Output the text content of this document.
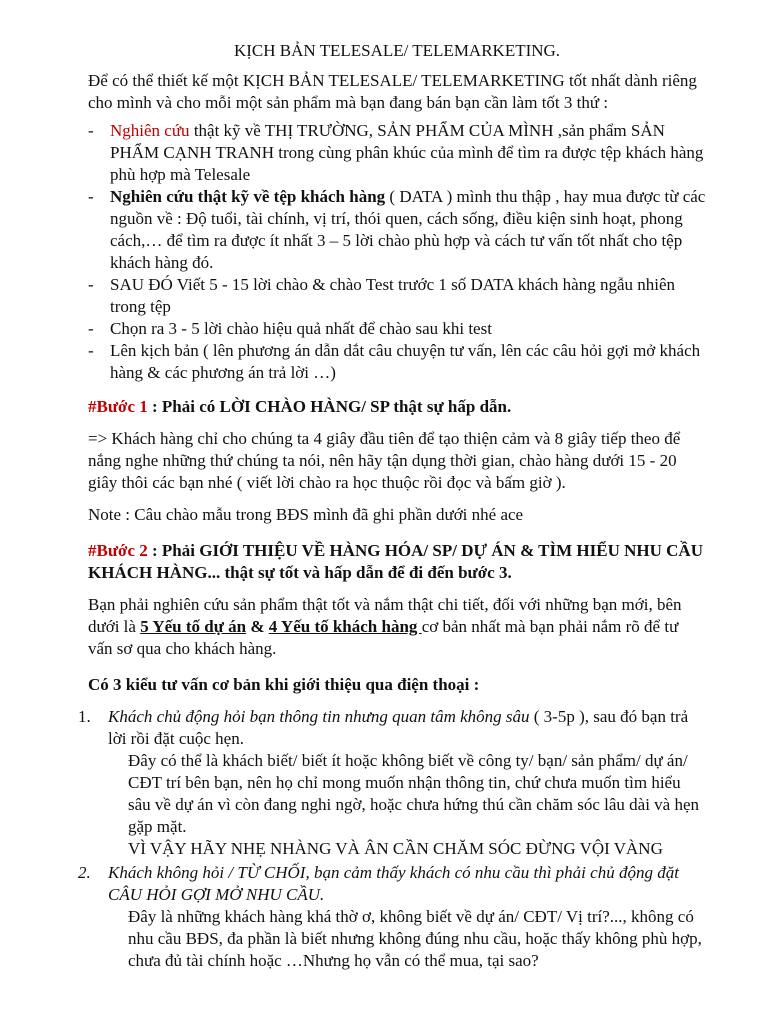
KỊCH BẢN TELESALE/ TELEMARKETING.

Để có thể thiết kế một KỊCH BẢN TELESALE/ TELEMARKETING tốt nhất dành riêng cho mình và cho mỗi một sản phẩm mà bạn đang bán bạn cần làm tốt 3 thứ :

- Nghiên cứu thật kỹ về THỊ TRƯỜNG, SẢN PHẨM CỦA MÌNH ,sản phẩm SẢN PHẨM CẠNH TRANH trong cùng phân khúc của mình để tìm ra được tệp khách hàng phù hợp mà Telesale
- Nghiên cứu thật kỹ về tệp khách hàng ( DATA ) mình thu thập , hay mua được từ các nguồn về : Độ tuổi, tài chính, vị trí, thói quen, cách sống, điều kiện sinh hoạt, phong cách,… để tìm ra được ít nhất 3 – 5 lời chào phù hợp và cách tư vấn tốt nhất cho tệp khách hàng đó.
- SAU ĐÓ Viết 5 - 15 lời chào & chào Test trước 1 số DATA khách hàng ngẫu nhiên trong tệp
- Chọn ra 3 - 5 lời chào hiệu quả nhất để chào sau khi test
- Lên kịch bản ( lên phương án dẫn dắt câu chuyện tư vấn, lên các câu hỏi gợi mở khách hàng & các phương án trả lời …)

#Bước 1 : Phải có LỜI CHÀO HÀNG/ SP thật sự hấp dẫn.

=> Khách hàng chỉ cho chúng ta 4 giây đầu tiên để tạo thiện cảm và 8 giây tiếp theo để nắng nghe những thứ chúng ta nói, nên hãy tận dụng thời gian, chào hàng dưới 15 - 20 giây thôi các bạn nhé ( viết lời chào ra học thuộc rồi đọc và bấm giờ ).

Note : Câu chào mẫu trong BĐS mình đã ghi phần dưới nhé ace

#Bước 2 : Phải GIỚI THIỆU VỀ HÀNG HÓA/ SP/ DỰ ÁN & TÌM HIỂU NHU CẦU KHÁCH HÀNG... thật sự tốt và hấp dẫn để đi đến bước 3.

Bạn phải nghiên cứu sản phẩm thật tốt và nắm thật chi tiết, đối với những bạn mới, bên dưới là 5 Yếu tố dự án & 4 Yếu tố khách hàng cơ bản nhất mà bạn phải nắm rõ để tư vấn sơ qua cho khách hàng.

Có 3 kiểu tư vấn cơ bản khi giới thiệu qua điện thoại :

1.	Khách chủ động hỏi bạn thông tin nhưng quan tâm không sâu ( 3-5p ), sau đó bạn trả lời rồi đặt cuộc hẹn.
Đây có thể là khách biết/ biết ít hoặc không biết về công ty/ bạn/ sản phẩm/ dự án/ CĐT trí bên bạn, nên họ chỉ mong muốn nhận thông tin, chứ chưa muốn tìm hiểu sâu về dự án vì còn đang nghi ngờ, hoặc chưa hứng thú cần chăm sóc lâu dài và hẹn gặp mặt.
VÌ VẬY HÃY NHẸ NHÀNG VÀ ÂN CẦN CHĂM SÓC ĐỪNG VỘI VÀNG
2.	Khách không hỏi / TỪ CHỐI, bạn cảm thấy khách có nhu cầu thì phải chủ động đặt CÂU HỎI GỢI MỞ NHU CẦU.
Đây là những khách hàng khá thờ ơ, không biết về dự án/ CĐT/ Vị trí?..., không có nhu cầu BĐS, đa phần là biết nhưng không đúng nhu cầu, hoặc thấy không phù hợp, chưa đủ tài chính hoặc …Nhưng họ vẫn có thể mua, tại sao?
